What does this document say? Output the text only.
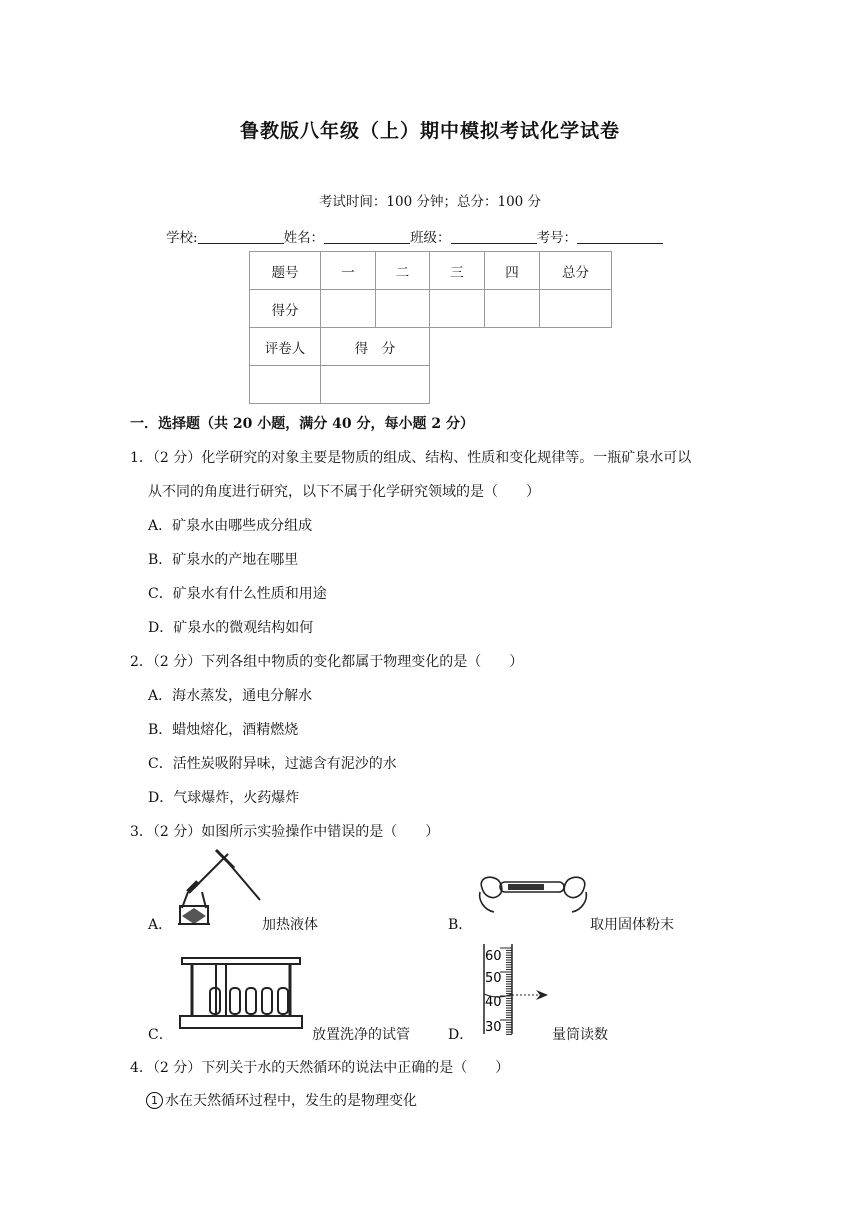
鲁教版八年级（上）期中模拟考试化学试卷
考试时间：100 分钟；总分：100 分
学校:	姓名：	班级：	考号：
题号	一	二	三	四	总分
得分					
评卷人	得　分				

一．选择题（共 20 小题，满分 40 分，每小题 2 分）
1．（2 分）化学研究的对象主要是物质的组成、结构、性质和变化规律等。一瓶矿泉水可以
从不同的角度进行研究，以下不属于化学研究领域的是（　　）
A．矿泉水由哪些成分组成
B．矿泉水的产地在哪里
C．矿泉水有什么性质和用途
D．矿泉水的微观结构如何
2．（2 分）下列各组中物质的变化都属于物理变化的是（　　）
A．海水蒸发，通电分解水
B．蜡烛熔化，酒精燃烧
C．活性炭吸附异味，过滤含有泥沙的水
D．气球爆炸，火药爆炸
3．（2 分）如图所示实验操作中错误的是（　　）
A．	加热液体	B．	取用固体粉末
C．	放置洗净的试管	D．
60
50
40
30	量筒读数
4．（2 分）下列关于水的天然循环的说法中正确的是（　　）
1 水在天然循环过程中，发生的是物理变化
